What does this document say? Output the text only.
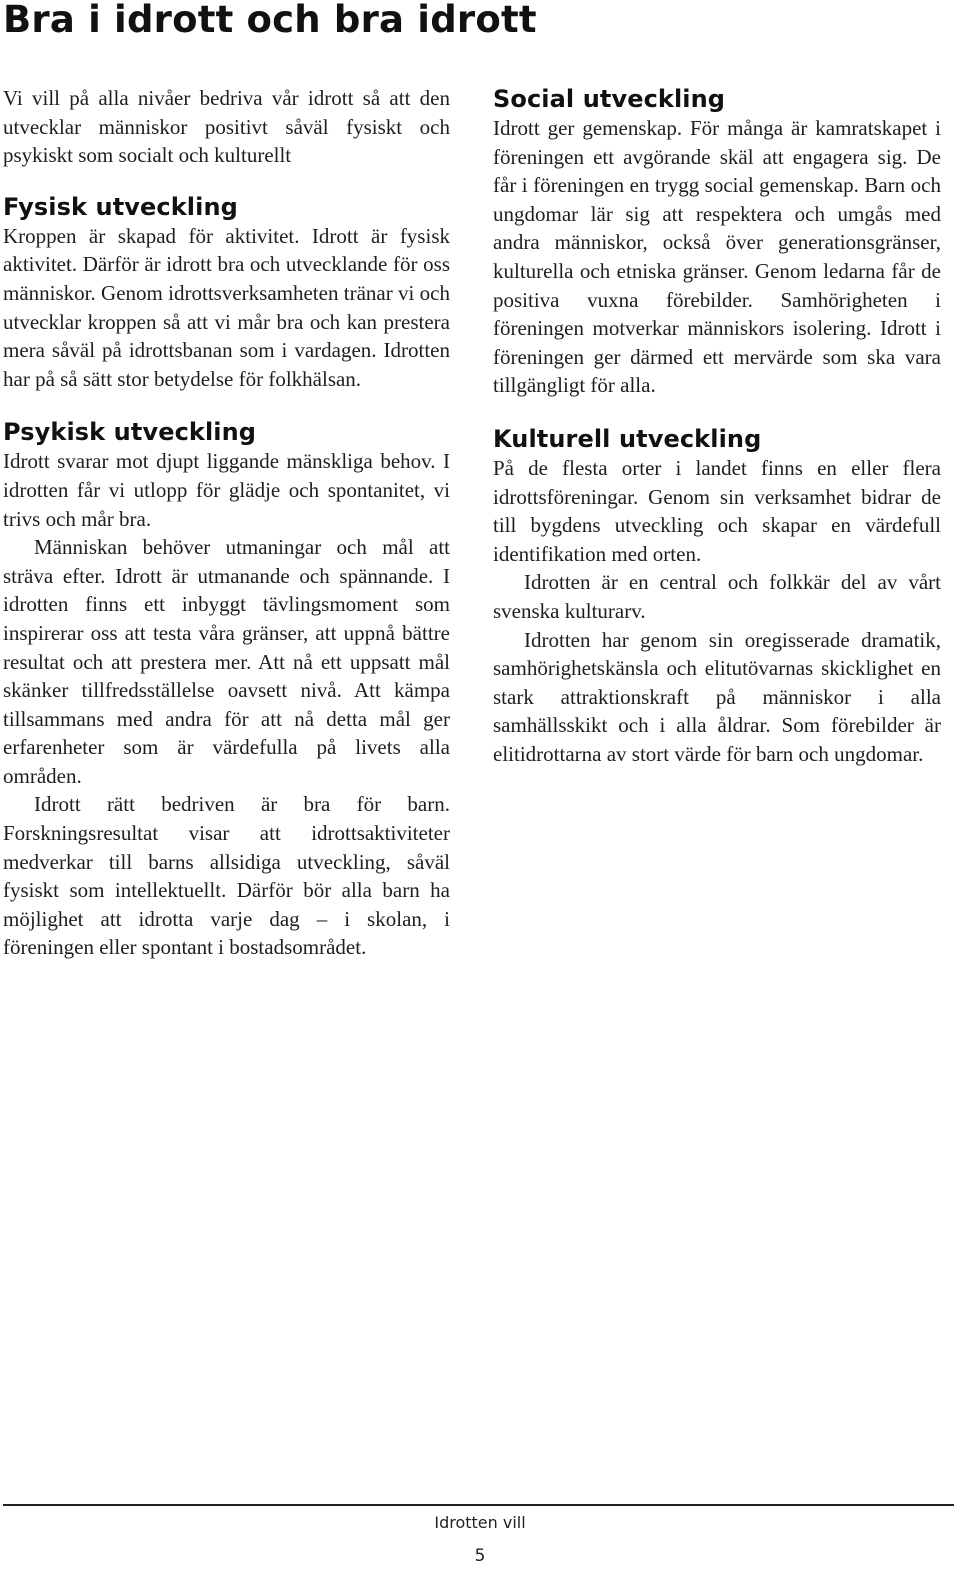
Bra i idrott och bra idrott

Vi vill på alla nivåer bedriva vår idrott så att den utvecklar människor positivt såväl fysiskt och psykiskt som socialt och kulturellt

Fysisk utveckling

Kroppen är skapad för aktivitet. Idrott är fysisk aktivitet. Därför är idrott bra och utvecklande för oss människor. Genom idrottsverksamheten tränar vi och utvecklar kroppen så att vi mår bra och kan prestera mera såväl på idrottsbanan som i vardagen. Idrotten har på så sätt stor betydelse för folkhälsan.

Psykisk utveckling

Idrott svarar mot djupt liggande mänskliga behov. I idrotten får vi utlopp för glädje och spontanitet, vi trivs och mår bra.

Människan behöver utmaningar och mål att sträva efter. Idrott är utmanande och spännande. I idrotten finns ett inbyggt tävlingsmoment som inspirerar oss att testa våra gränser, att uppnå bättre resultat och att prestera mer. Att nå ett uppsatt mål skänker tillfredsställelse oavsett nivå. Att kämpa tillsammans med andra för att nå detta mål ger erfarenheter som är värdefulla på livets alla områden.

Idrott rätt bedriven är bra för barn. Forskningsresultat visar att idrottsaktiviteter medverkar till barns allsidiga utveckling, såväl fysiskt som intellektuellt. Därför bör alla barn ha möjlighet att idrotta varje dag – i skolan, i föreningen eller spontant i bostadsområdet.

Social utveckling

Idrott ger gemenskap. För många är kamratskapet i föreningen ett avgörande skäl att engagera sig. De får i föreningen en trygg social gemenskap. Barn och ungdomar lär sig att respektera och umgås med andra människor, också över generationsgränser, kulturella och etniska gränser. Genom ledarna får de positiva vuxna förebilder. Samhörigheten i föreningen motverkar människors isolering. Idrott i föreningen ger därmed ett mervärde som ska vara tillgängligt för alla.

Kulturell utveckling

På de flesta orter i landet finns en eller flera idrottsföreningar. Genom sin verksamhet bidrar de till bygdens utveckling och skapar en värdefull identifikation med orten.

Idrotten är en central och folkkär del av vårt svenska kulturarv.

Idrotten har genom sin oregisserade dramatik, samhörighetskänsla och elitutövarnas skicklighet en stark attraktionskraft på människor i alla samhällsskikt och i alla åldrar. Som förebilder är elitidrottarna av stort värde för barn och ungdomar.

Idrotten vill
5
